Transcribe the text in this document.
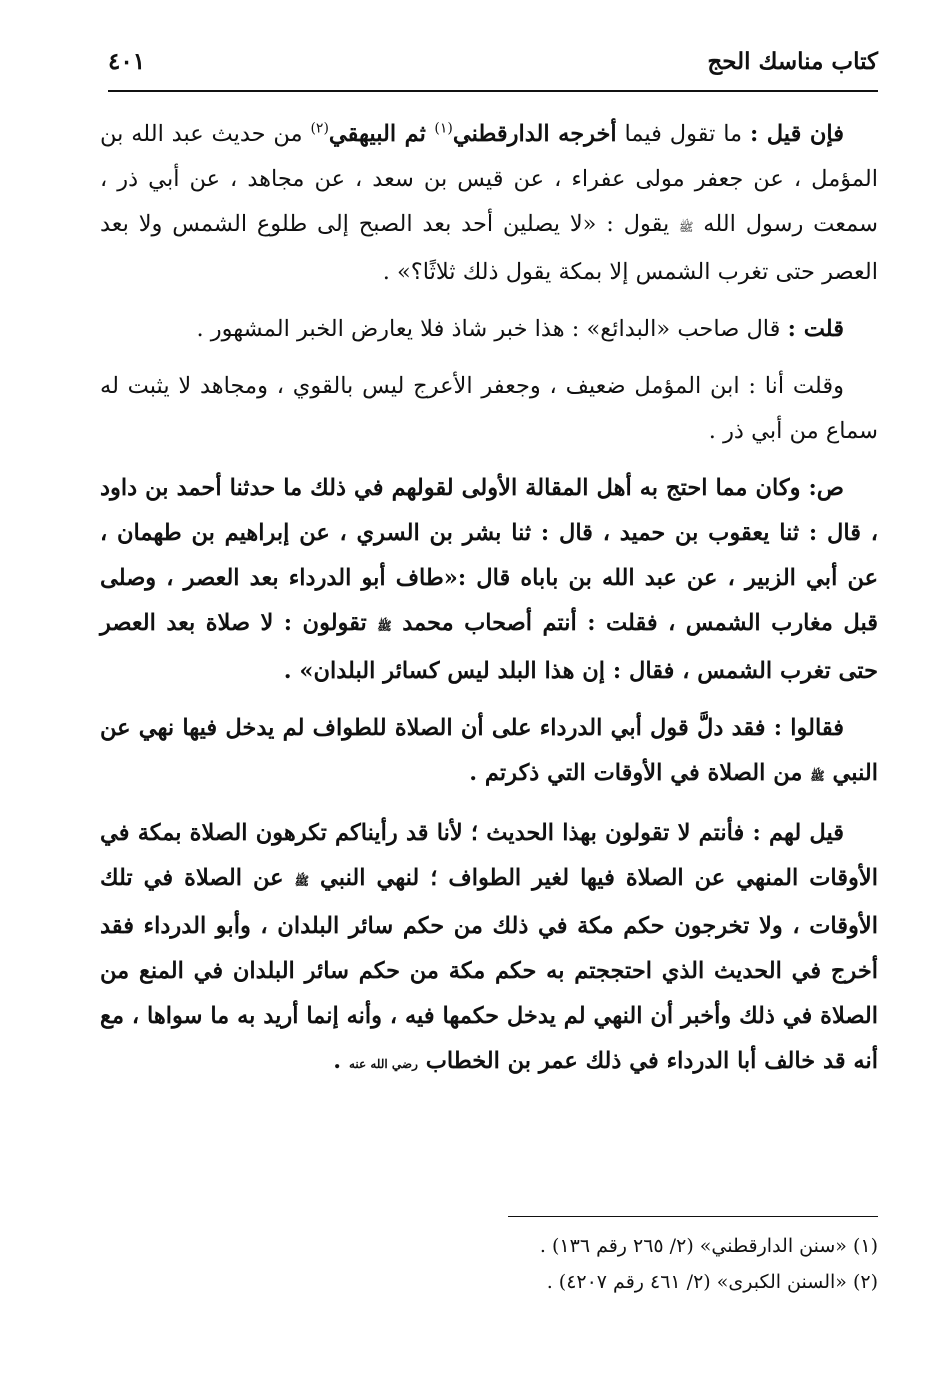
كتاب مناسك الحج
٤٠١

فإن قيل : ما تقول فيما أخرجه الدارقطني$^{(١)}$ ثم البيهقي$^{(٢)}$ من حديث عبد الله بن المؤمل ، عن جعفر مولى عفراء ، عن قيس بن سعد ، عن مجاهد ، عن أبي ذر ، سمعت رسول الله ﷺ يقول : «لا يصلين أحد بعد الصبح إلى طلوع الشمس ولا بعد العصر حتى تغرب الشمس إلا بمكة يقول ذلك ثلاثًا؟» .

قلت : قال صاحب «البدائع» : هذا خبر شاذ فلا يعارض الخبر المشهور .

وقلت أنا : ابن المؤمل ضعيف ، وجعفر الأعرج ليس بالقوي ، ومجاهد لا يثبت له سماع من أبي ذر .

ص: وكان مما احتج به أهل المقالة الأولى لقولهم في ذلك ما حدثنا أحمد بن داود ، قال : ثنا يعقوب بن حميد ، قال : ثنا بشر بن السري ، عن إبراهيم بن طهمان ، عن أبي الزبير ، عن عبد الله بن باباه قال :«طاف أبو الدرداء بعد العصر ، وصلى قبل مغارب الشمس ، فقلت : أنتم أصحاب محمد ﷺ تقولون : لا صلاة بعد العصر حتى تغرب الشمس ، فقال : إن هذا البلد ليس كسائر البلدان» .

فقالوا : فقد دلَّ قول أبي الدرداء على أن الصلاة للطواف لم يدخل فيها نهي عن النبي ﷺ من الصلاة في الأوقات التي ذكرتم .

قيل لهم : فأنتم لا تقولون بهذا الحديث ؛ لأنا قد رأيناكم تكرهون الصلاة بمكة في الأوقات المنهي عن الصلاة فيها لغير الطواف ؛ لنهي النبي ﷺ عن الصلاة في تلك الأوقات ، ولا تخرجون حكم مكة في ذلك من حكم سائر البلدان ، وأبو الدرداء فقد أخرج في الحديث الذي احتججتم به حكم مكة من حكم سائر البلدان في المنع من الصلاة في ذلك وأخبر أن النهي لم يدخل حكمها فيه ، وأنه إنما أريد به ما سواها ، مع أنه قد خالف أبا الدرداء في ذلك عمر بن الخطاب رضي الله عنه .

(١) «سنن الدارقطني» (٢/ ٢٦٥ رقم ١٣٦) .
(٢) «السنن الكبرى» (٢/ ٤٦١ رقم ٤٢٠٧) .
